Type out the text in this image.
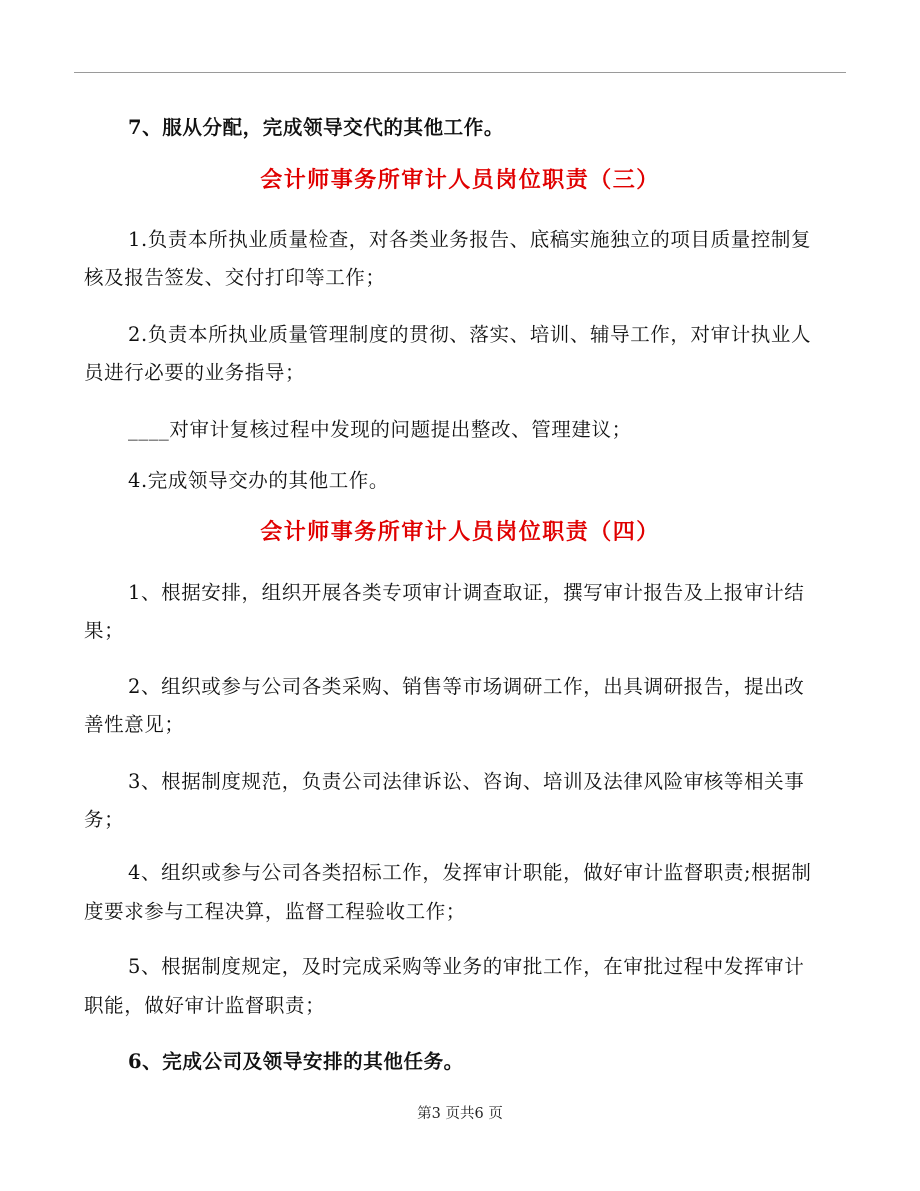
7、服从分配，完成领导交代的其他工作。
会计师事务所审计人员岗位职责（三）
1.负责本所执业质量检查，对各类业务报告、底稿实施独立的项目质量控制复
核及报告签发、交付打印等工作；
2.负责本所执业质量管理制度的贯彻、落实、培训、辅导工作，对审计执业人
员进行必要的业务指导；
____对审计复核过程中发现的问题提出整改、管理建议；
4.完成领导交办的其他工作。
会计师事务所审计人员岗位职责（四）
1、根据安排，组织开展各类专项审计调查取证，撰写审计报告及上报审计结
果；
2、组织或参与公司各类采购、销售等市场调研工作，出具调研报告，提出改
善性意见；
3、根据制度规范，负责公司法律诉讼、咨询、培训及法律风险审核等相关事
务；
4、组织或参与公司各类招标工作，发挥审计职能，做好审计监督职责;根据制
度要求参与工程决算，监督工程验收工作；
5、根据制度规定，及时完成采购等业务的审批工作，在审批过程中发挥审计
职能，做好审计监督职责；
6、完成公司及领导安排的其他任务。
第3 页共6 页
